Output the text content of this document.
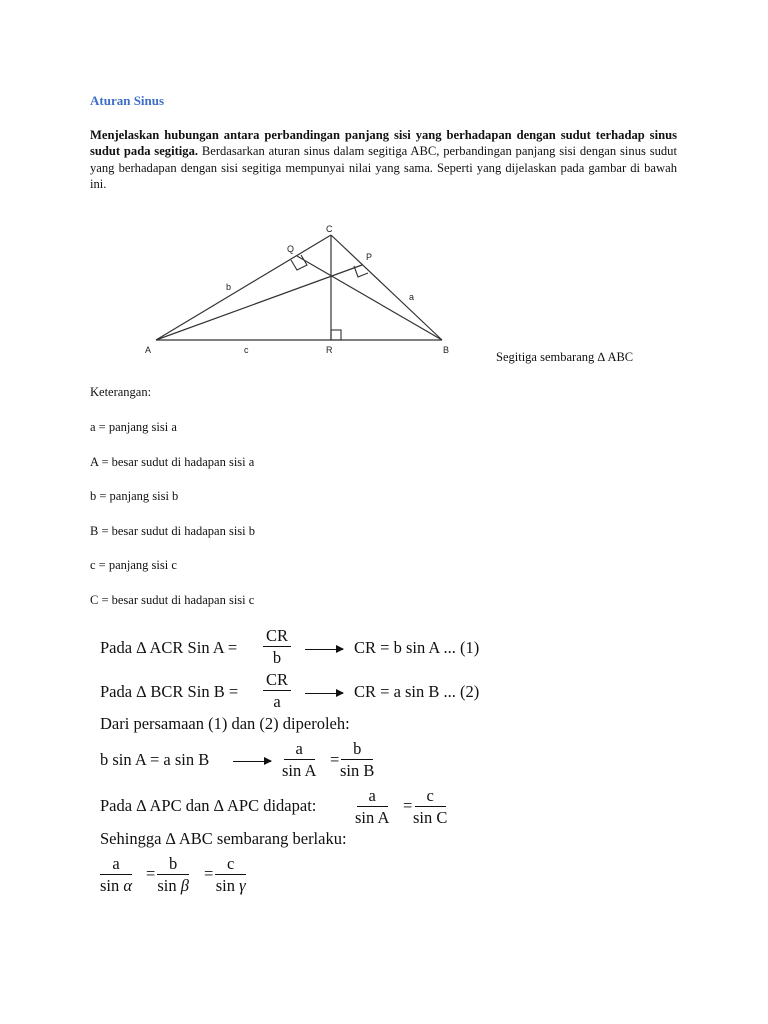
Aturan Sinus

Menjelaskan hubungan antara perbandingan panjang sisi yang berhadapan dengan sudut terhadap sinus sudut pada segitiga. Berdasarkan aturan sinus dalam segitiga ABC, perbandingan panjang sisi dengan sinus sudut yang berhadapan dengan sisi segitiga mempunyai nilai yang sama. Seperti yang dijelaskan pada gambar di bawah ini.

A	B
C
R
P
Q
a
b
c	Segitiga sembarang ∆ ABC
Keterangan:
a = panjang sisi a
A = besar sudut di hadapan sisi a
b = panjang sisi b
B = besar sudut di hadapan sisi b
c = panjang sisi c
C = besar sudut di hadapan sisi c
Pada ∆ ACR Sin $A = \frac{CR}{b}$	CR = b sin A ... (1)
Pada ∆ BCR Sin $B = \frac{CR}{a}$	CR = a sin B ... (2)
Dari persamaan (1) dan (2) diperoleh:
b sin A = a sin B	$\frac{a}{\text{sin A}} = \frac{b}{\text{sin B}}$
Pada ∆ APC dan ∆ APC didapat: $\frac{a}{\text{sin A}} = \frac{c}{\text{sin C}}$
Sehingga ∆ ABC sembarang berlaku:
$\frac{a}{\text{sin α}} = \frac{b}{\text{sin β}} = \frac{c}{\text{sin γ}}$
